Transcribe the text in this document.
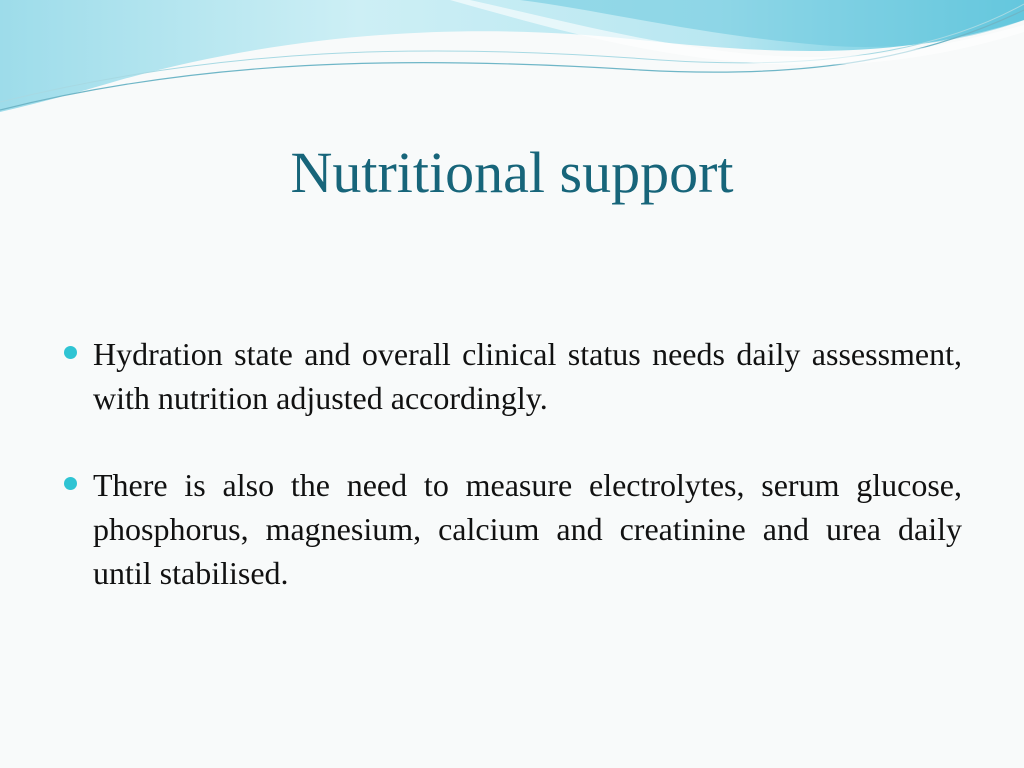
Nutritional support
Hydration state and overall clinical status needs daily assessment, with nutrition adjusted accordingly.
There is also the need to measure electrolytes, serum glucose, phosphorus, magnesium, calcium and creatinine and urea daily until stabilised.
